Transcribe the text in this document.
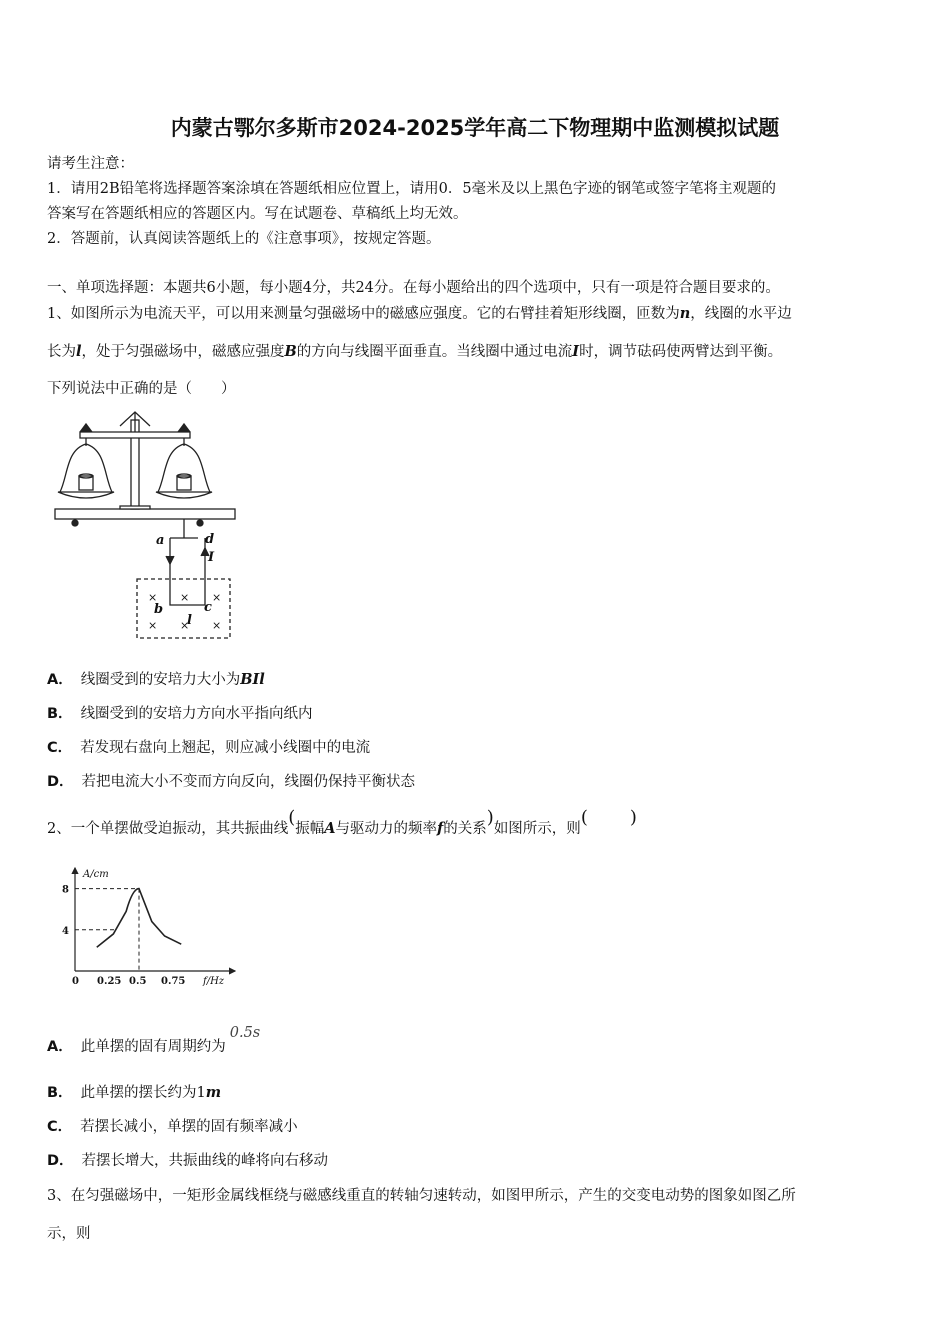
内蒙古鄂尔多斯市2024-2025学年高二下物理期中监测模拟试题
请考生注意：
1．请用2B铅笔将选择题答案涂填在答题纸相应位置上，请用0．5毫米及以上黑色字迹的钢笔或签字笔将主观题的
答案写在答题纸相应的答题区内。写在试题卷、草稿纸上均无效。
2．答题前，认真阅读答题纸上的《注意事项》，按规定答题。
一、单项选择题：本题共6小题，每小题4分，共24分。在每小题给出的四个选项中，只有一项是符合题目要求的。
1、如图所示为电流天平，可以用来测量匀强磁场中的磁感应强度。它的右臂挂着矩形线圈，匝数为n，线圈的水平边
长为l，处于匀强磁场中，磁感应强度B的方向与线圈平面垂直。当线圈中通过电流I时，调节砝码使两臂达到平衡。
下列说法中正确的是（　　）
a	d
I
b	c
l
× × ×
× × ×
A． 线圈受到的安培力大小为BIl
B． 线圈受到的安培力方向水平指向纸内
C． 若发现右盘向上翘起，则应减小线圈中的电流
D． 若把电流大小不变而方向反向，线圈仍保持平衡状态
2、一个单摆做受迫振动，其共振曲线(振幅A与驱动力的频率f的关系)如图所示，则( )
A/cm
f/Hz
0 0.25 0.5 0.75
4
8
A． 此单摆的固有周期约为0.5s
B． 此单摆的摆长约为1m
C． 若摆长减小，单摆的固有频率减小
D． 若摆长增大，共振曲线的峰将向右移动
3、在匀强磁场中，一矩形金属线框绕与磁感线重直的转轴匀速转动，如图甲所示，产生的交变电动势的图象如图乙所
示，则
